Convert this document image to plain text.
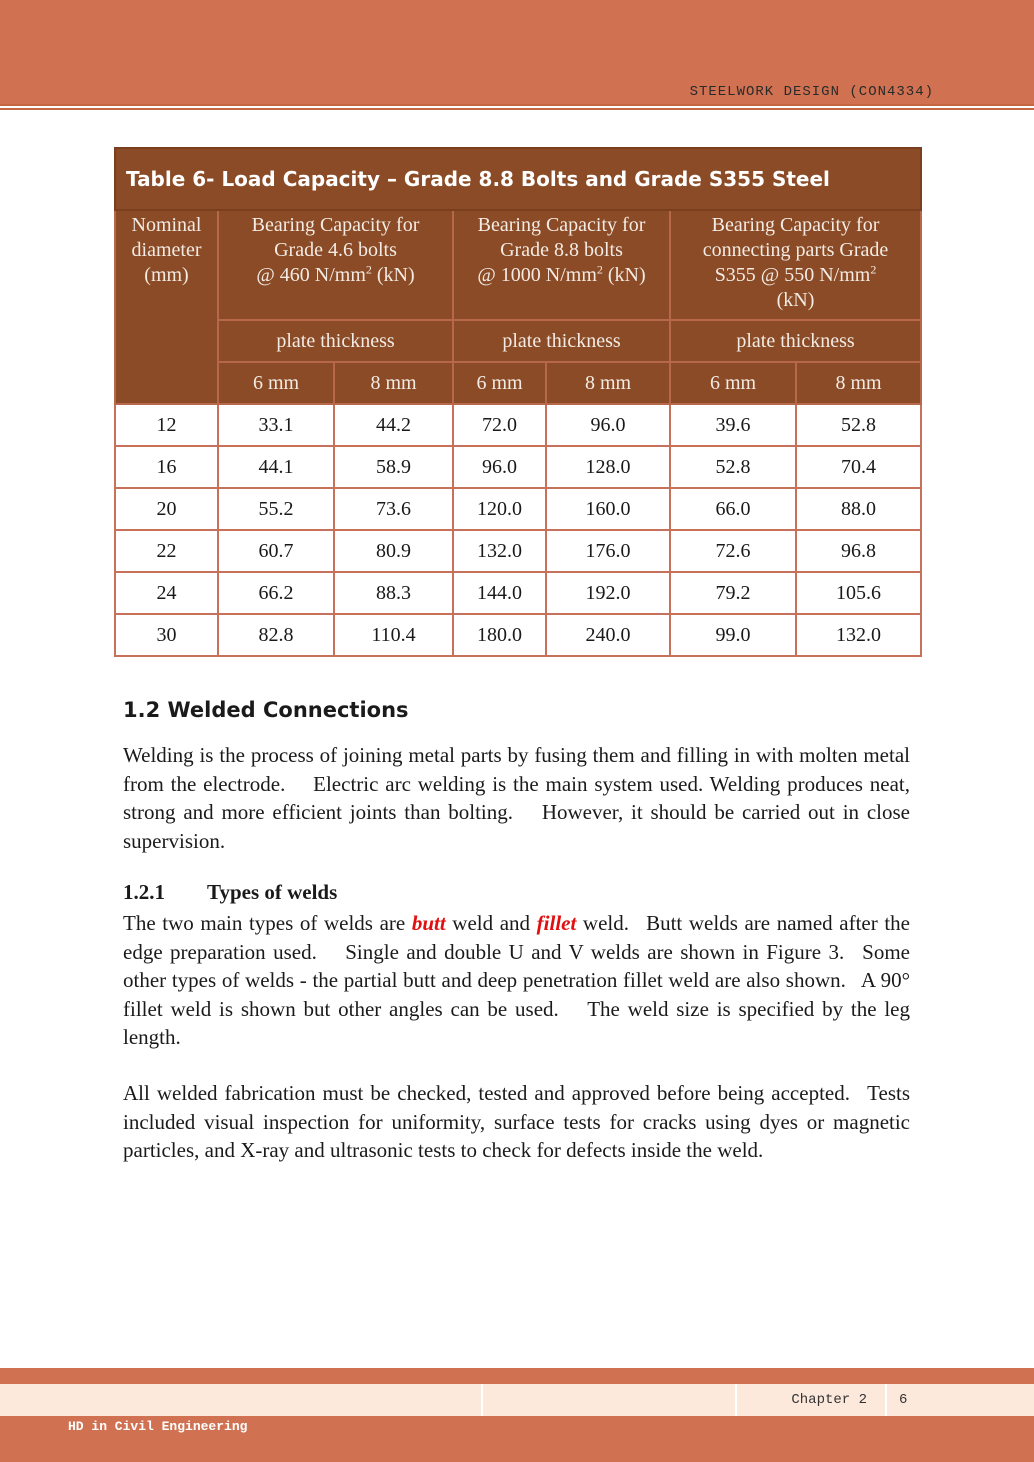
STEELWORK DESIGN (CON4334)
Table 6- Load Capacity – Grade 8.8 Bolts and Grade S355 Steel						
Nominal
diameter
(mm)	Bearing Capacity for
Grade 4.6 bolts
@ 460 $N/mm^2$ (kN)		Bearing Capacity for
Grade 8.8 bolts
@ 1000 $N/mm^2$ (kN)		Bearing Capacity for
connecting parts Grade
S355 @ 550 $N/mm^2$
(kN)	
	plate thickness		plate thickness		plate thickness	
	6 mm	8 mm	6 mm	8 mm	6 mm	8 mm
12	33.1	44.2	72.0	96.0	39.6	52.8
16	44.1	58.9	96.0	128.0	52.8	70.4
20	55.2	73.6	120.0	160.0	66.0	88.0
22	60.7	80.9	132.0	176.0	72.6	96.8
24	66.2	88.3	144.0	192.0	79.2	105.6
30	82.8	110.4	180.0	240.0	99.0	132.0
1.2 Welded Connections

Welding is the process of joining metal parts by fusing them and filling in with molten metal from the electrode.  Electric arc welding is the main system used. Welding produces neat, strong and more efficient joints than bolting.  However, it should be carried out in close supervision.

1.2.1 Types of welds

The two main types of welds are butt weld and fillet weld.  Butt welds are named after the edge preparation used.  Single and double U and V welds are shown in Figure 3.  Some other types of welds - the partial butt and deep penetration fillet weld are also shown.  A 90° fillet weld is shown but other angles can be used.  The weld size is specified by the leg length.

All welded fabrication must be checked, tested and approved before being accepted.  Tests included visual inspection for uniformity, surface tests for cracks using dyes or magnetic particles, and X-ray and ultrasonic tests to check for defects inside the weld.

Chapter 2	6
HD in Civil Engineering
